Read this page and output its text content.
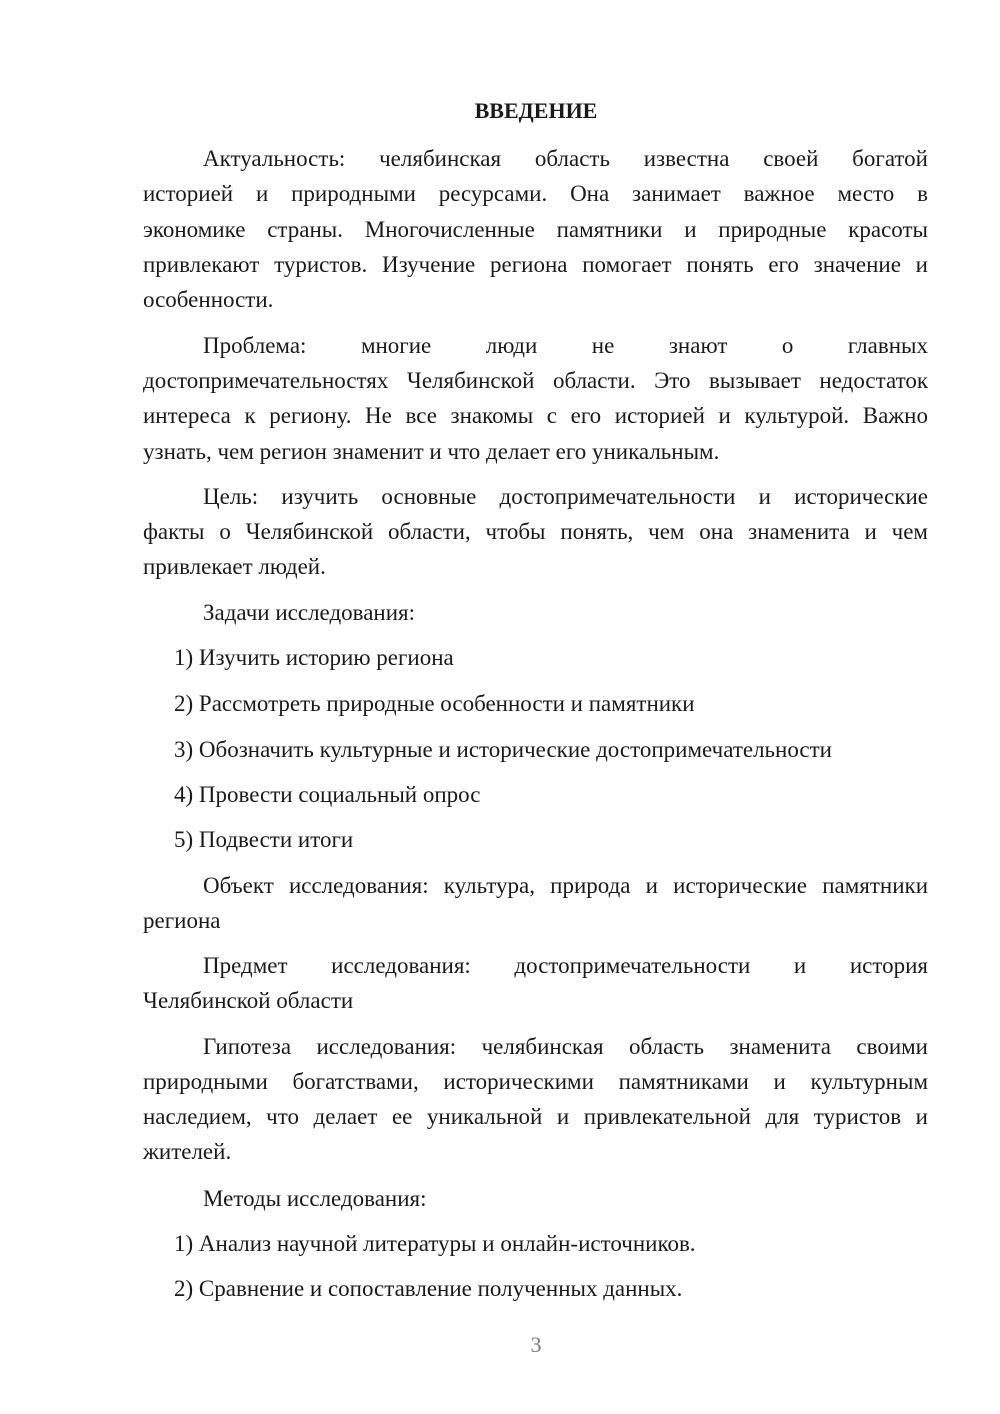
ВВЕДЕНИЕ
Актуальность: челябинская область известна своей богатой
историей и природными ресурсами. Она занимает важное место в
экономике страны. Многочисленные памятники и природные красоты
привлекают туристов. Изучение региона помогает понять его значение и
особенности.
Проблема: многие люди не знают о главных
достопримечательностях Челябинской области. Это вызывает недостаток
интереса к региону. Не все знакомы с его историей и культурой. Важно
узнать, чем регион знаменит и что делает его уникальным.
Цель: изучить основные достопримечательности и исторические
факты о Челябинской области, чтобы понять, чем она знаменита и чем
привлекает людей.
Задачи исследования:
1) Изучить историю региона
2) Рассмотреть природные особенности и памятники
3) Обозначить культурные и исторические достопримечательности
4) Провести социальный опрос
5) Подвести итоги
Объект исследования: культура, природа и исторические памятники
региона
Предмет исследования: достопримечательности и история
Челябинской области
Гипотеза исследования: челябинская область знаменита своими
природными богатствами, историческими памятниками и культурным
наследием, что делает ее уникальной и привлекательной для туристов и
жителей.
Методы исследования:
1) Анализ научной литературы и онлайн-источников.
2) Сравнение и сопоставление полученных данных.
3
